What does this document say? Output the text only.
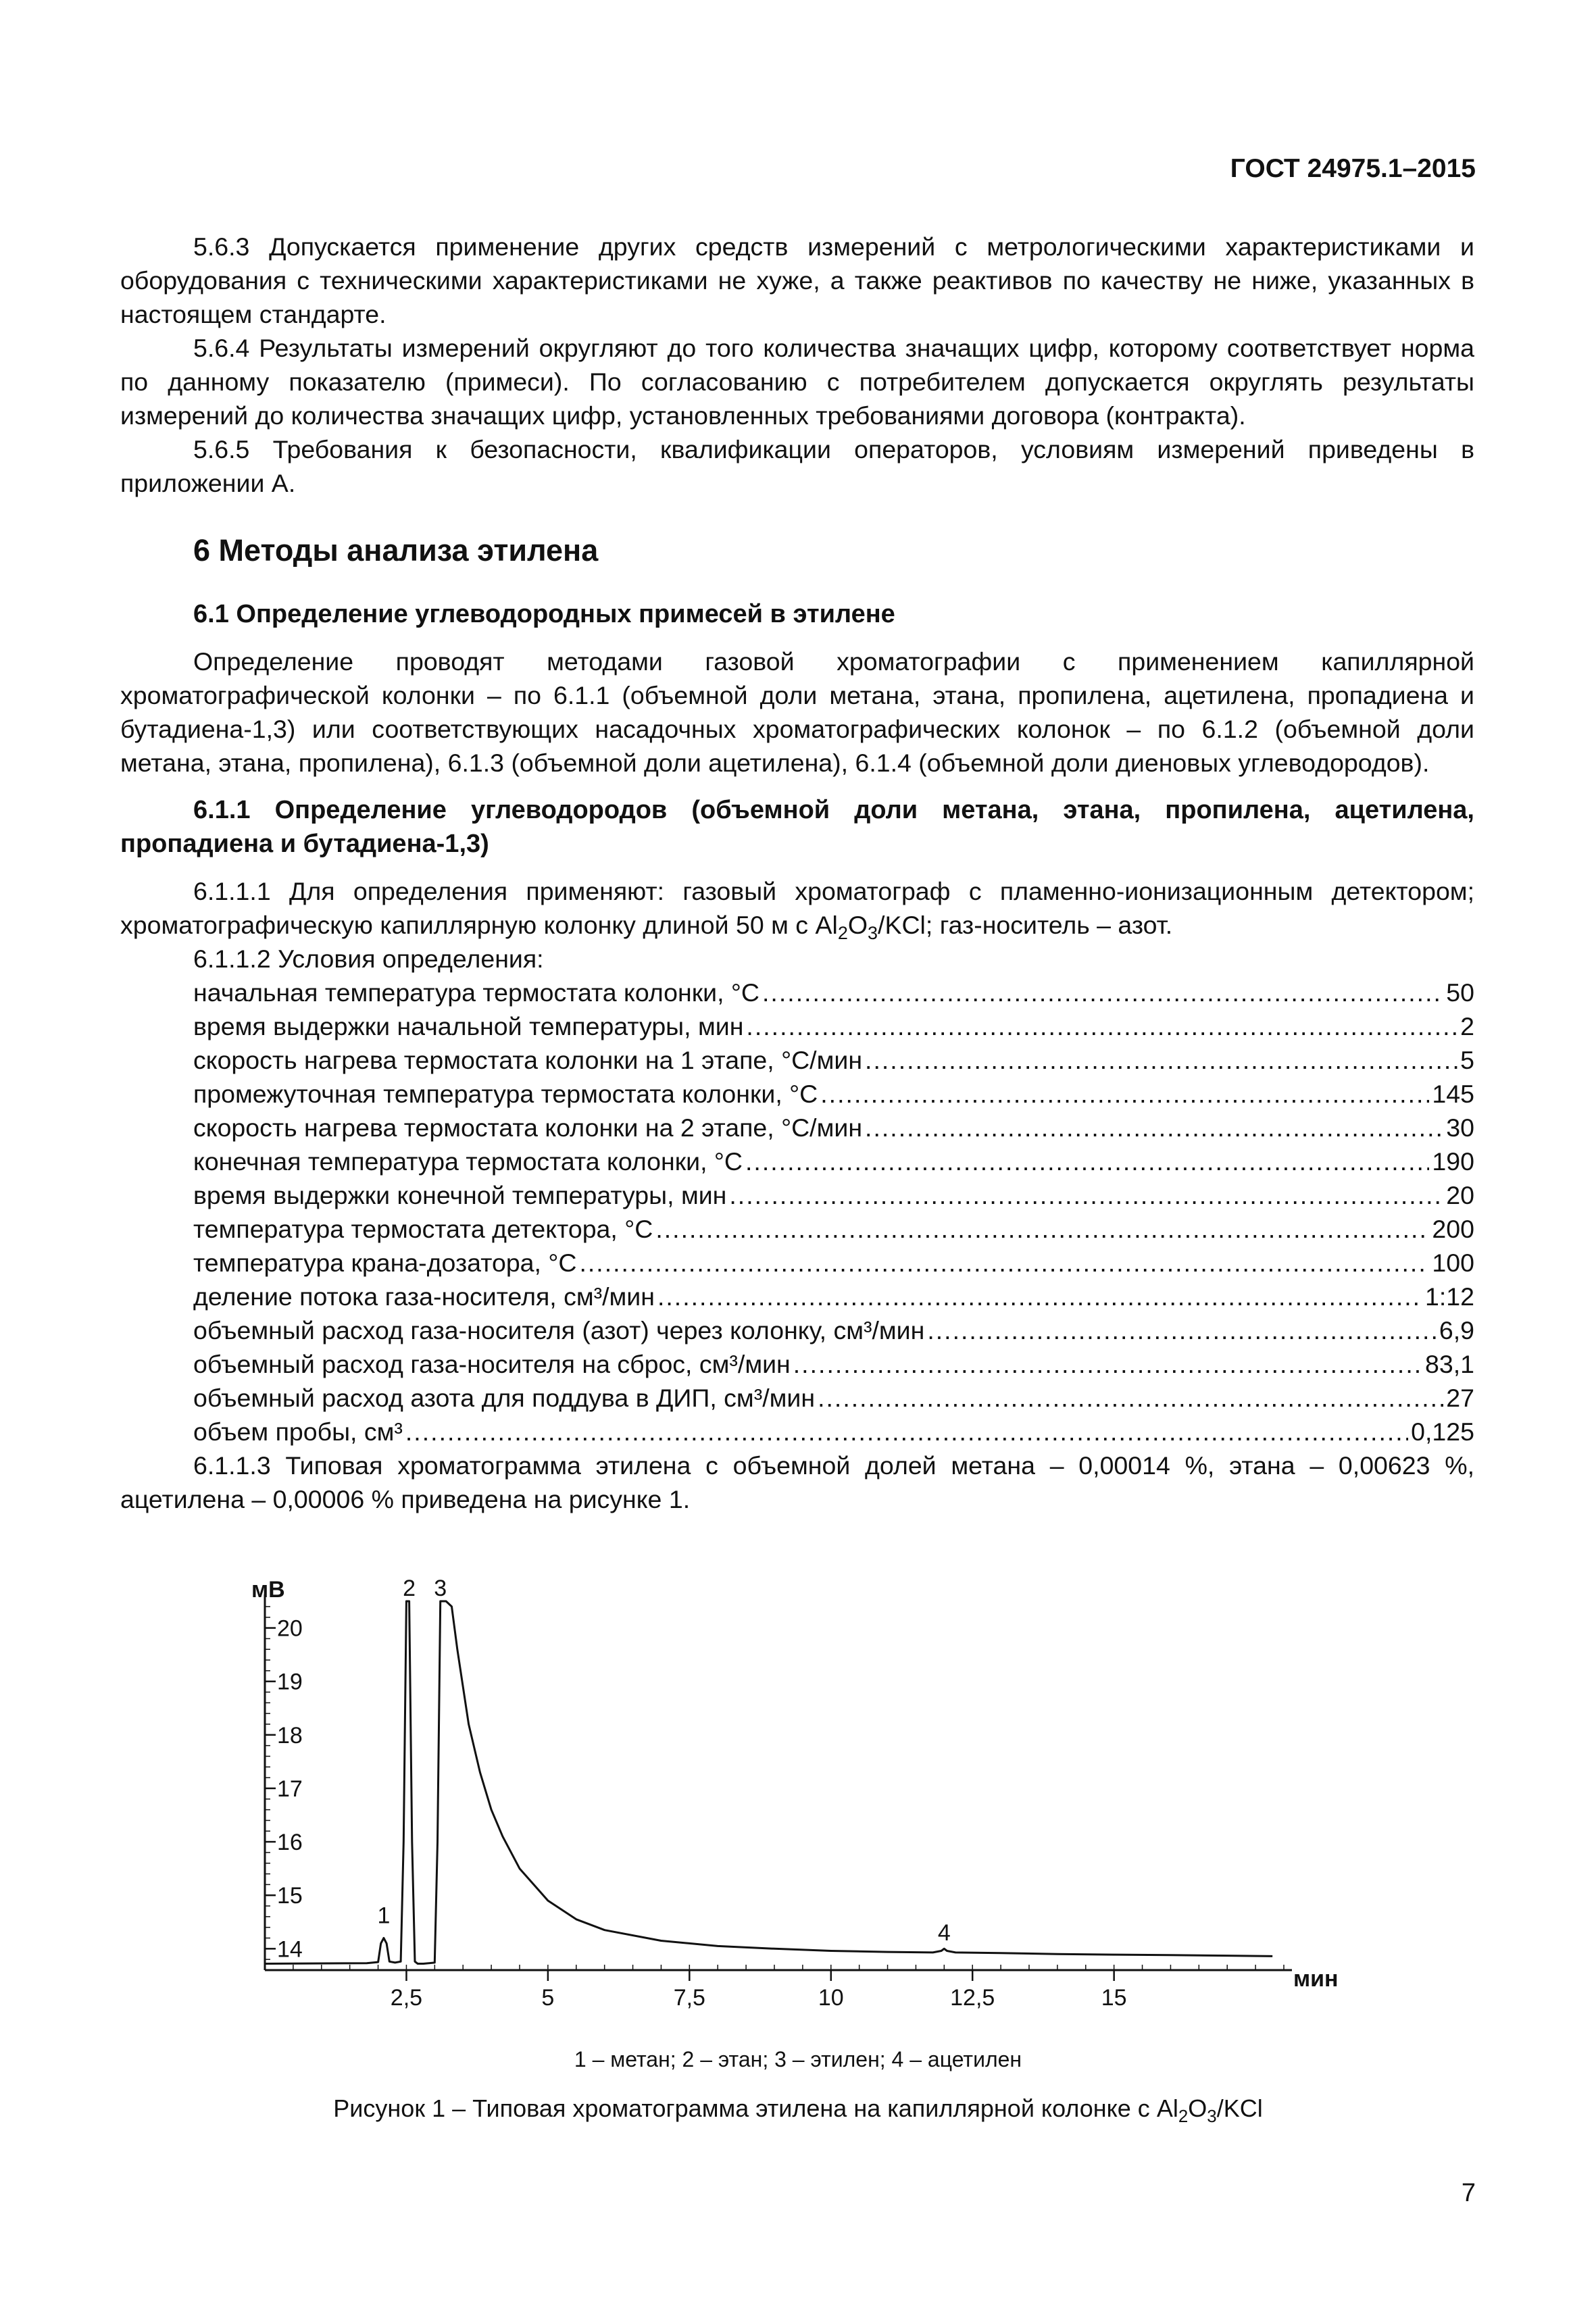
ГОСТ 24975.1–2015

5.6.3 Допускается применение других средств измерений с метрологическими характеристиками и оборудования с техническими характеристиками не хуже, а также реактивов по качеству не ниже, указанных в настоящем стандарте.

5.6.4 Результаты измерений округляют до того количества значащих цифр, которому соответствует норма по данному показателю (примеси). По согласованию с потребителем допускается округлять результаты измерений до количества значащих цифр, установленных требованиями договора (контракта).

5.6.5 Требования к безопасности, квалификации операторов, условиям измерений приведены в приложении А.

6 Методы анализа этилена
6.1 Определение углеводородных примесей в этилене

Определение проводят методами газовой хроматографии с применением капиллярной хроматографической колонки – по 6.1.1 (объемной доли метана, этана, пропилена, ацетилена, пропадиена и бутадиена-1,3) или соответствующих насадочных хроматографических колонок – по 6.1.2 (объемной доли метана, этана, пропилена), 6.1.3 (объемной доли ацетилена), 6.1.4 (объемной доли диеновых углеводородов).

6.1.1 Определение углеводородов (объемной доли метана, этана, пропилена, ацетилена, пропадиена и бутадиена-1,3)

6.1.1.1 Для определения применяют: газовый хроматограф с пламенно-ионизационным детектором; хроматографическую капиллярную колонку длиной 50 м с $Al_2O_3$/KCl; газ-носитель – азот.

6.1.1.2 Условия определения:

начальная температура термостата колонки, °С .....	50
время выдержки начальной температуры, мин .....	2
скорость нагрева термостата колонки на 1 этапе, °С/мин .....	5
промежуточная температура термостата колонки, °С .....	145
скорость нагрева термостата колонки на 2 этапе, °С/мин .....	30
конечная температура термостата колонки, °С .....	190
время выдержки конечной температуры, мин .....	20
температура термостата детектора, °С .....	200
температура крана-дозатора, °С .....	100
деление потока газа-носителя, см³/мин .....	1:12
объемный расход газа-носителя (азот) через колонку, см³/мин .....	6,9
объемный расход газа-носителя на сброс, см³/мин .....	83,1
объемный расход азота для поддува в ДИП, см³/мин .....	27
объем пробы, см³ .....	0,125

6.1.1.3 Типовая хроматограмма этилена с объемной долей метана – 0,00014 %, этана – 0,00623 %, ацетилена – 0,00006 % приведена на рисунке 1.

мВ
мин
14
15
16
17
18
19
20
2,5	5	7,5	10	12,5	15
1
2 3
4
1 – метан; 2 – этан; 3 – этилен; 4 – ацетилен
Рисунок 1 – Типовая хроматограмма этилена на капиллярной колонке с $Al_2O_3$/KCl
7
